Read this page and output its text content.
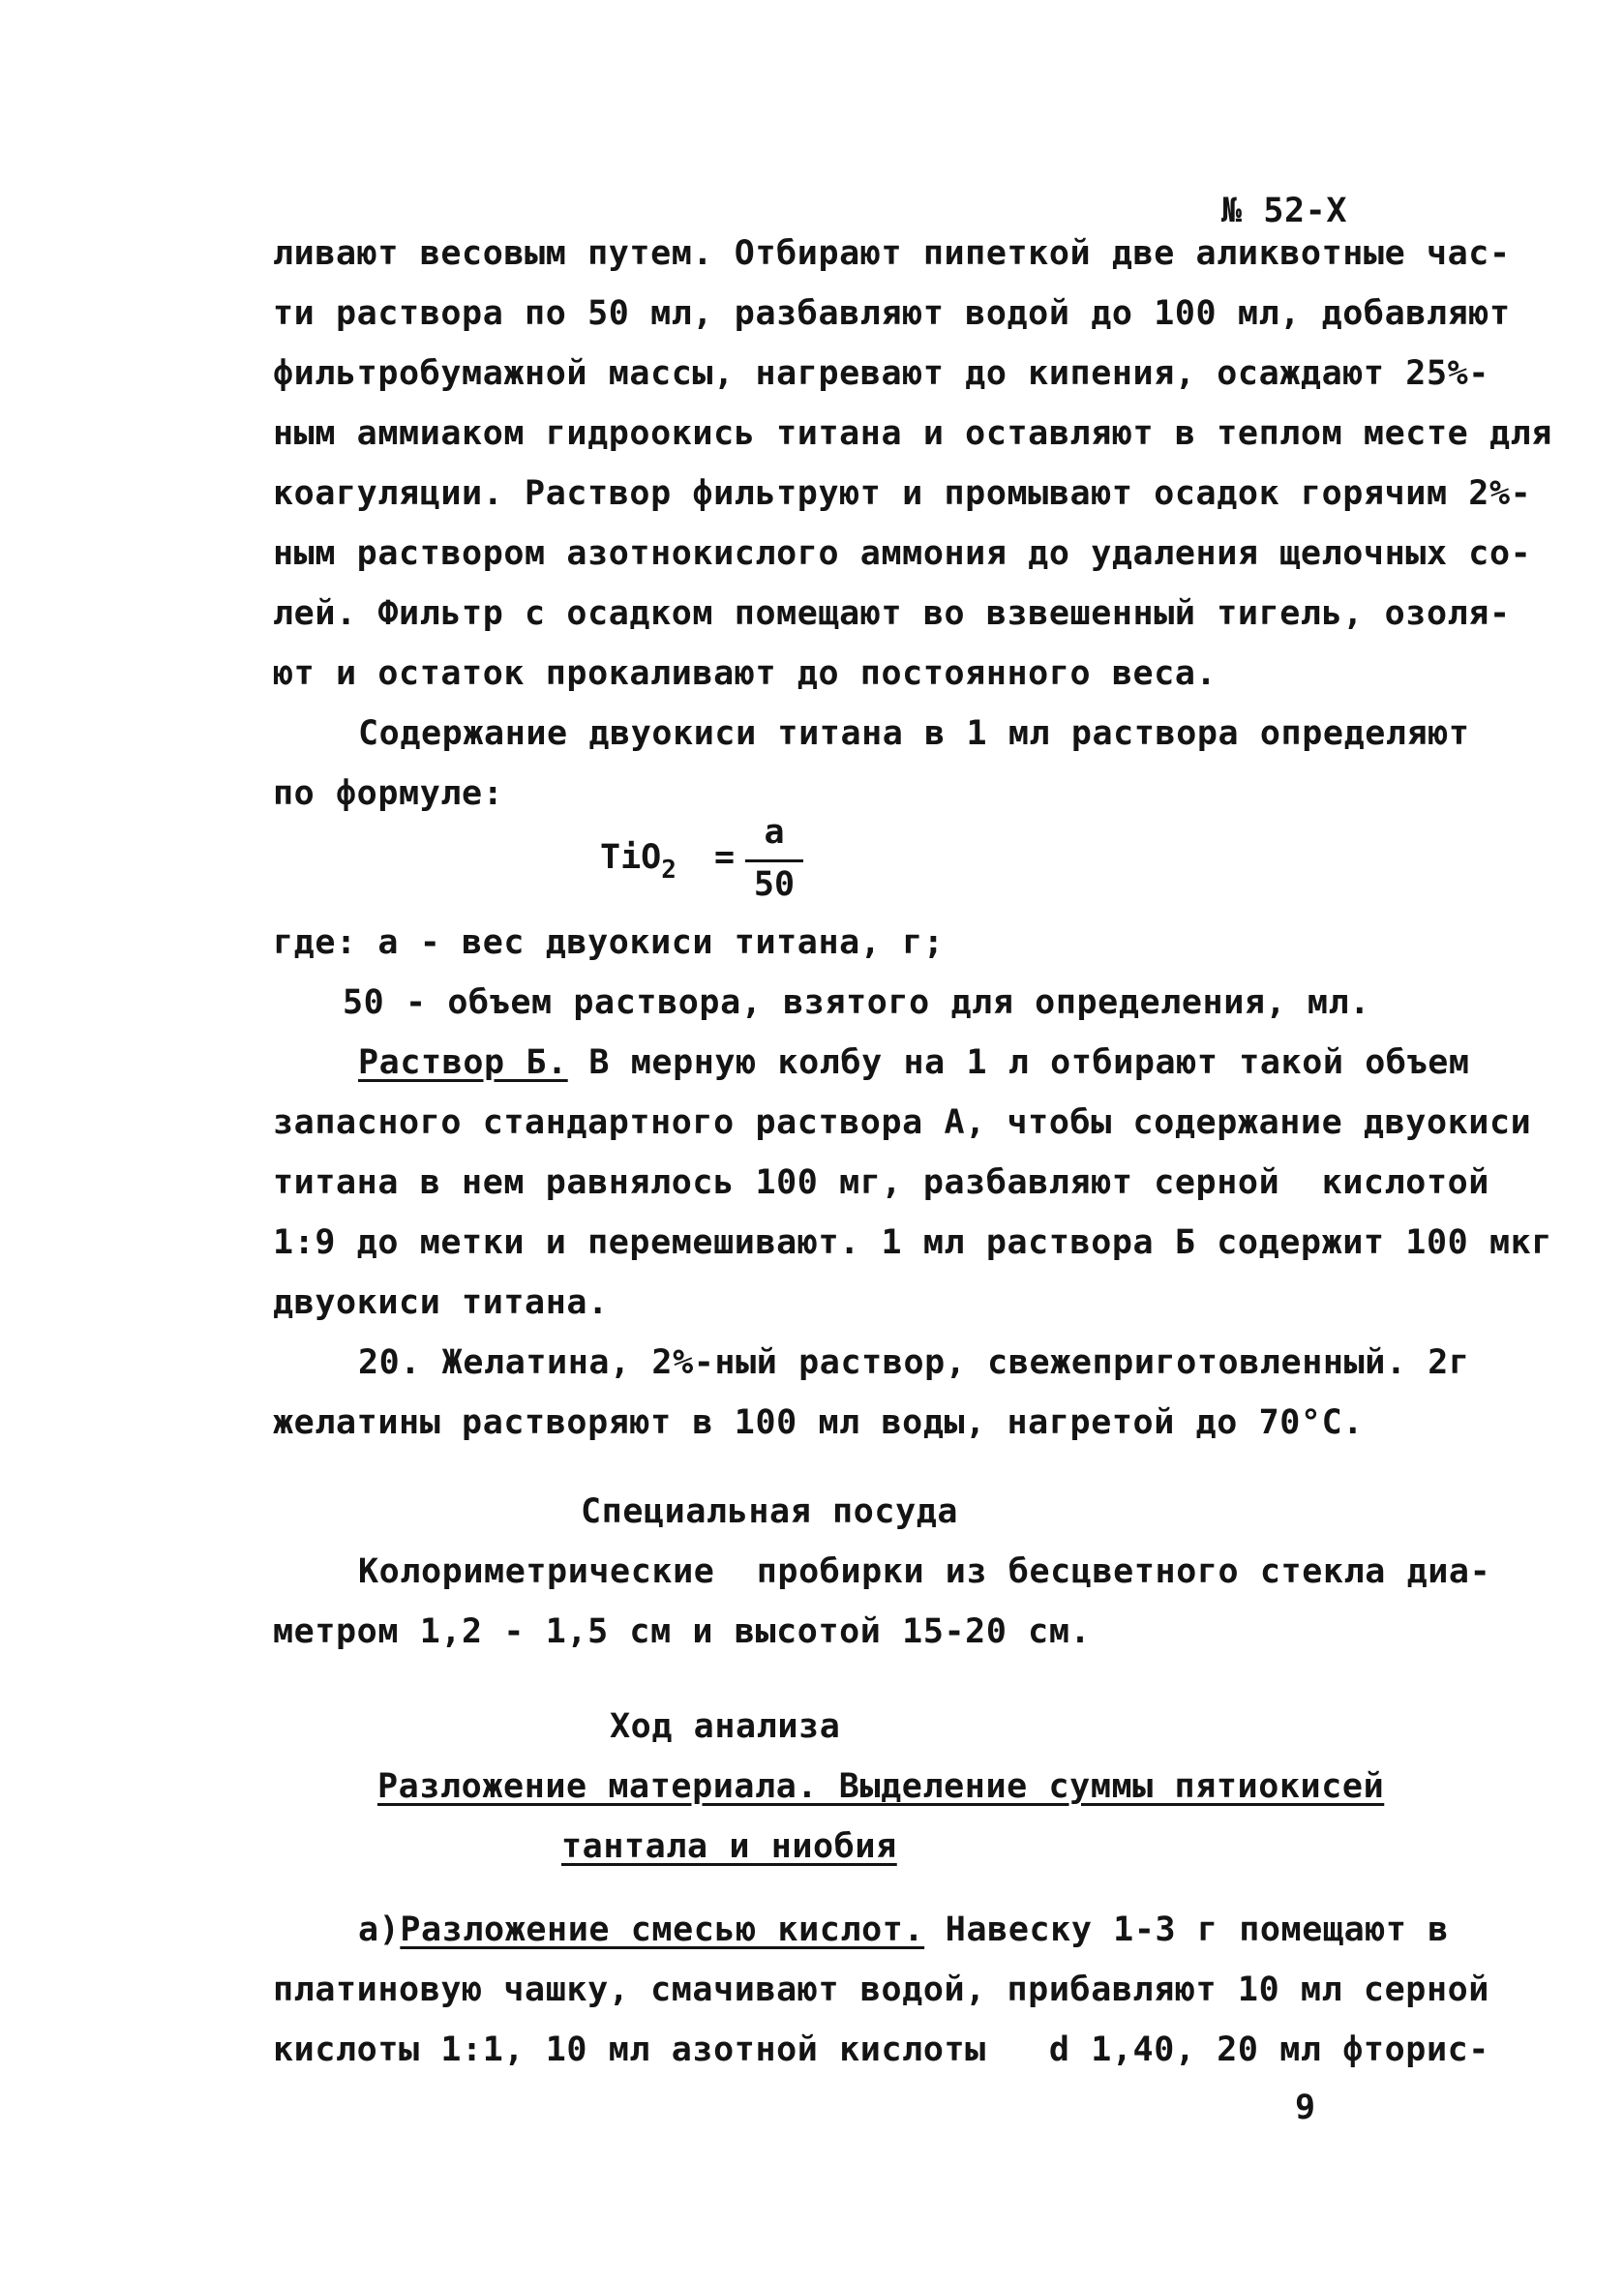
№ 52-Х
ливают весовым путем. Отбирают пипеткой две аликвотные час-
ти раствора по 50 мл, разбавляют водой до 100 мл, добавляют
фильтробумажной массы, нагревают до кипения, осаждают 25%-
ным аммиаком гидроокись титана и оставляют в теплом месте для
коагуляции. Раствор фильтруют и промывают осадок горячим 2%-
ным раствором азотнокислого аммония до удаления щелочных со-
лей. Фильтр с осадком помещают во взвешенный тигель, озоля-
ют и остаток прокаливают до постоянного веса.
Содержание двуокиси титана в 1 мл раствора определяют
по формуле:
TiO$_2$ =
а
50
где: а - вес двуокиси титана, г;
50 - объем раствора, взятого для определения, мл.
Раствор Б. В мерную колбу на 1 л отбирают такой объем
запасного стандартного раствора А, чтобы содержание двуокиси
титана в нем равнялось 100 мг, разбавляют серной  кислотой
1:9 до метки и перемешивают. 1 мл раствора Б содержит 100 мкг
двуокиси титана.
20. Желатина, 2%-ный раствор, свежеприготовленный. 2г
желатины растворяют в 100 мл воды, нагретой до 70°С.
Специальная посуда
Колориметрические  пробирки из бесцветного стекла диа-
метром 1,2 - 1,5 см и высотой 15-20 см.
Ход анализа
Разложение материала. Выделение суммы пятиокисей
тантала и ниобия
а)Разложение смесью кислот. Навеску 1-3 г помещают в
платиновую чашку, смачивают водой, прибавляют 10 мл серной
кислоты 1:1, 10 мл азотной кислоты   d 1,40, 20 мл фторис-
9
